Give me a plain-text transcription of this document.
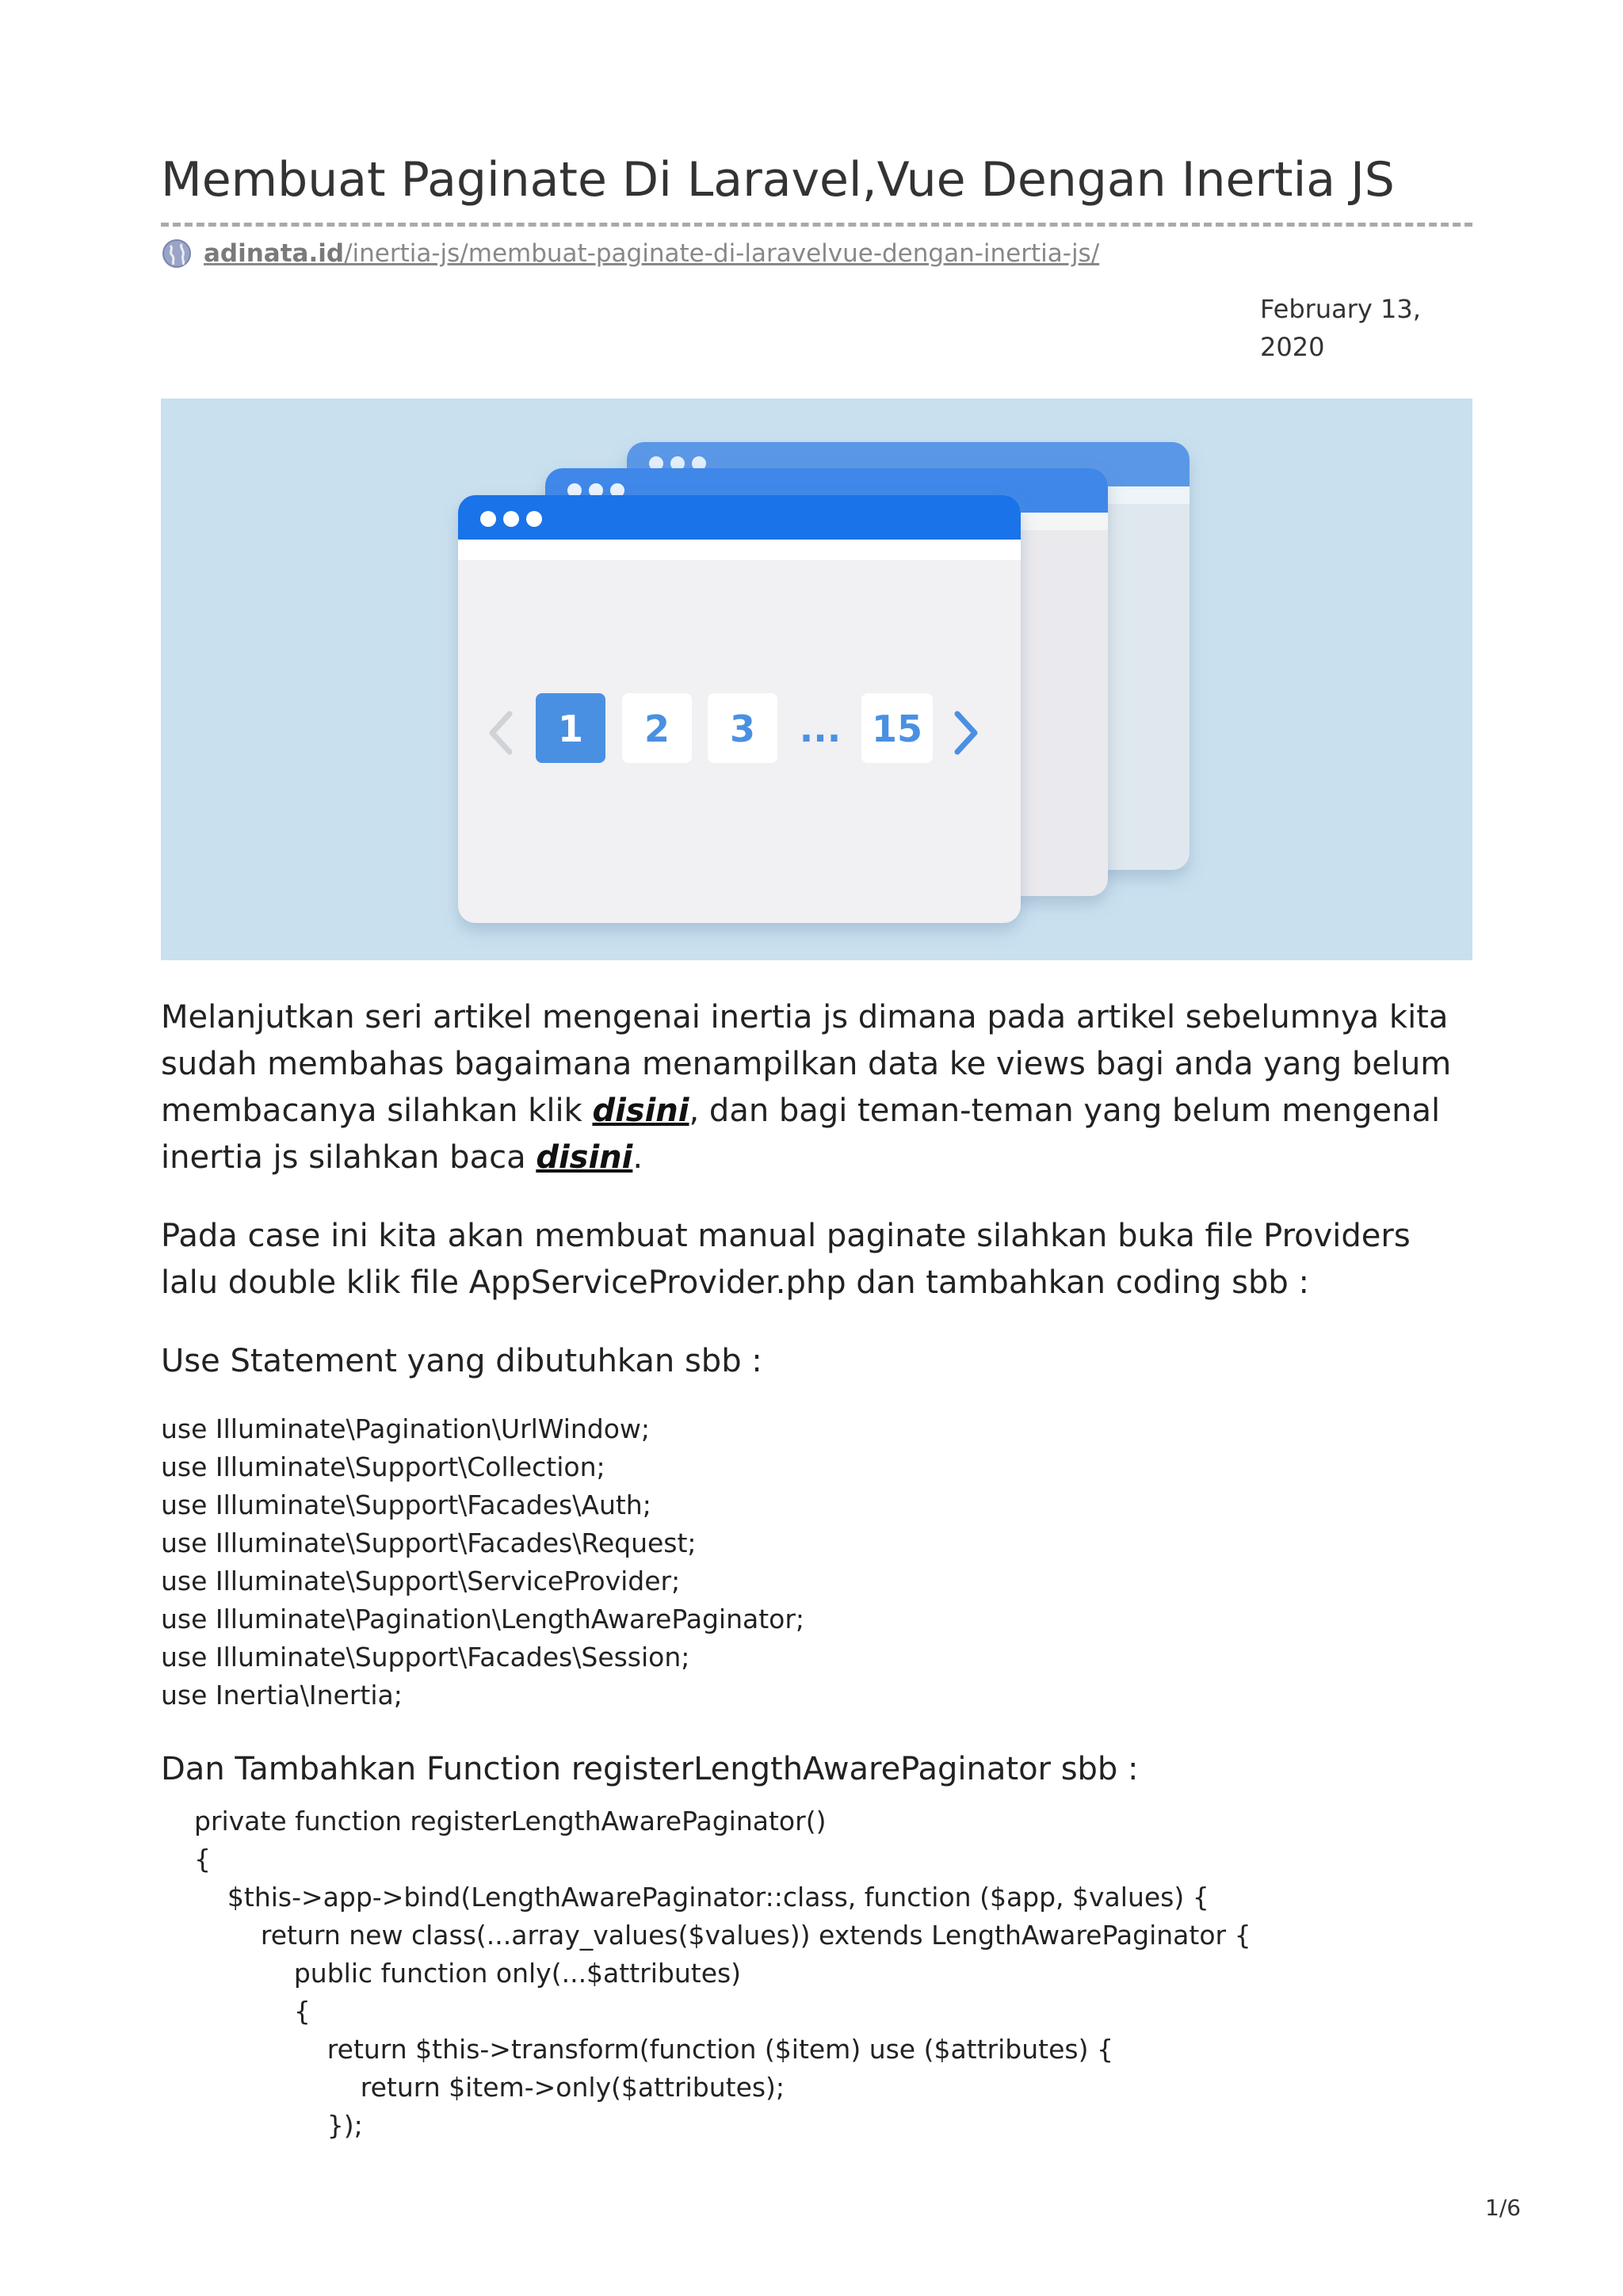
Membuat Paginate Di Laravel,Vue Dengan Inertia JS
adinata.id/inertia-js/membuat-paginate-di-laravelvue-dengan-inertia-js/
February 13,
2020
1 2 3 ... 15

Melanjutkan seri artikel mengenai inertia js dimana pada artikel sebelumnya kita sudah membahas bagaimana menampilkan data ke views bagi anda yang belum membacanya silahkan klik disini, dan bagi teman-teman yang belum mengenal inertia js silahkan baca disini.

Pada case ini kita akan membuat manual paginate silahkan buka file Providers lalu double klik file AppServiceProvider.php dan tambahkan coding sbb :

Use Statement yang dibutuhkan sbb :

use Illuminate\Pagination\UrlWindow;
use Illuminate\Support\Collection;
use Illuminate\Support\Facades\Auth;
use Illuminate\Support\Facades\Request;
use Illuminate\Support\ServiceProvider;
use Illuminate\Pagination\LengthAwarePaginator;
use Illuminate\Support\Facades\Session;
use Inertia\Inertia;

Dan Tambahkan Function registerLengthAwarePaginator sbb :

private function registerLengthAwarePaginator()
{
$this->app->bind(LengthAwarePaginator::class, function ($app, $values) {
return new class(...array_values($values)) extends LengthAwarePaginator {
public function only(...$attributes)
{
return $this->transform(function ($item) use ($attributes) {
return $item->only($attributes);
});
1/6
